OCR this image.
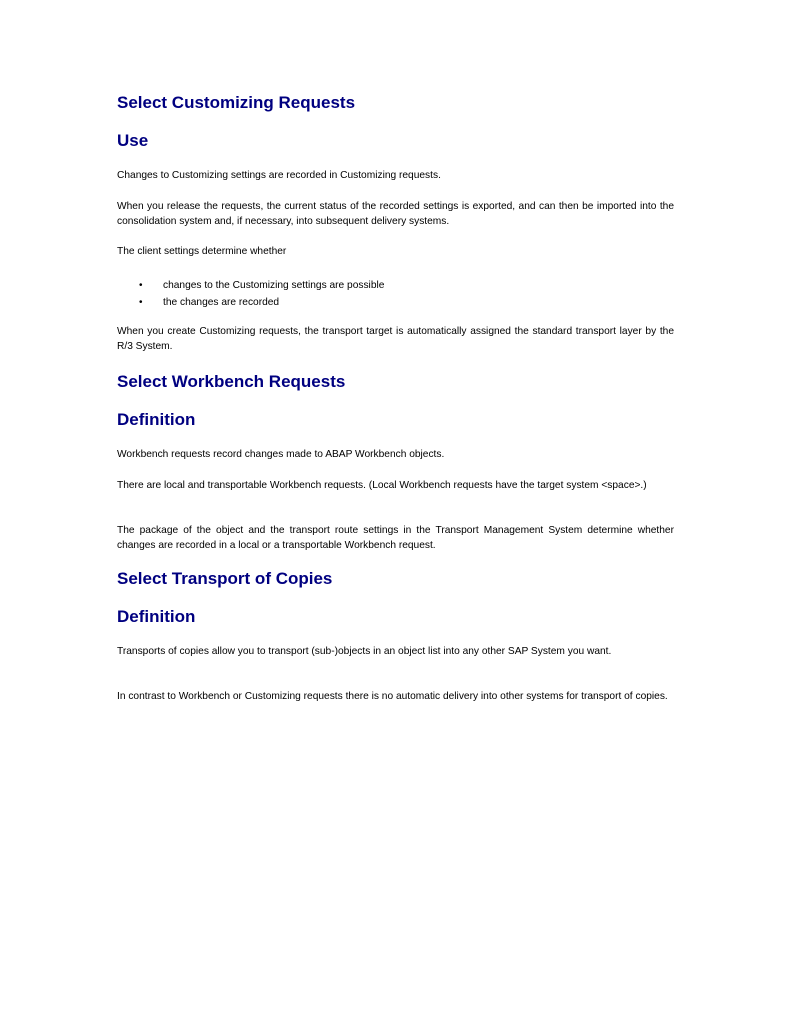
Select Customizing Requests
Use

Changes to Customizing settings are recorded in Customizing requests.

When you release the requests, the current status of the recorded settings is exported, and can then be imported into the consolidation system and, if necessary, into subsequent delivery systems.

The client settings determine whether

• changes to the Customizing settings are possible
• the changes are recorded

When you create Customizing requests, the transport target is automatically assigned the standard transport layer by the R/3 System.

Select Workbench Requests
Definition

Workbench requests record changes made to ABAP Workbench objects.

There are local and transportable Workbench requests. (Local Workbench requests have the target system <space>.)

The package of the object and the transport route settings in the Transport Management System determine whether changes are recorded in a local or a transportable Workbench request.

Select Transport of Copies
Definition

Transports of copies allow you to transport (sub-)objects in an object list into any other SAP System you want.

In contrast to Workbench or Customizing requests there is no automatic delivery into other systems for transport of copies.
